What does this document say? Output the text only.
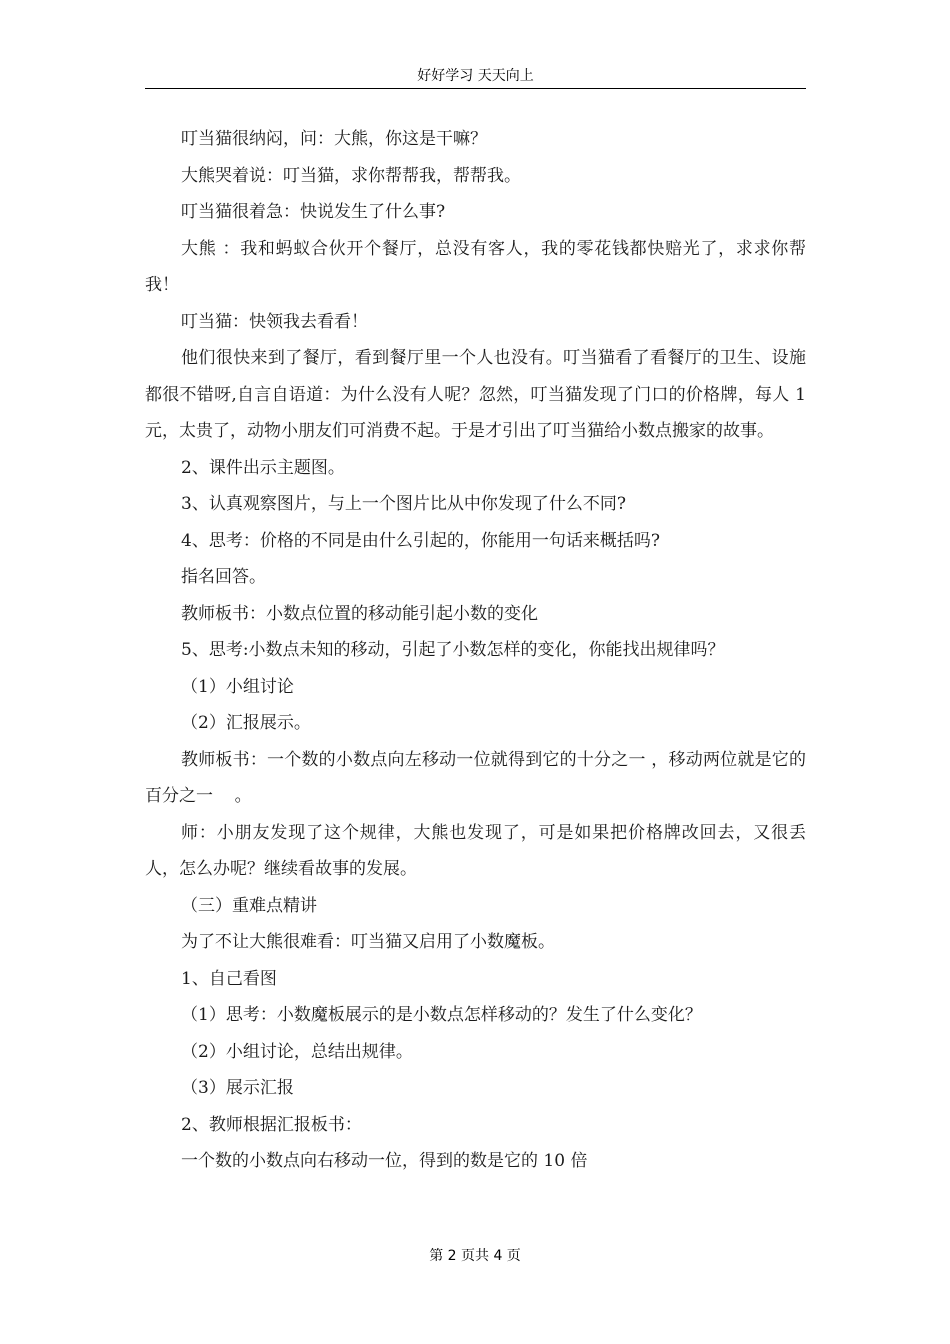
好好学习 天天向上

叮当猫很纳闷，问：大熊，你这是干嘛？

大熊哭着说：叮当猫，求你帮帮我，帮帮我。

叮当猫很着急：快说发生了什么事?

大熊 ：我和蚂蚁合伙开个餐厅，总没有客人，我的零花钱都快赔光了，求求你帮我！

叮当猫：快领我去看看！

他们很快来到了餐厅，看到餐厅里一个人也没有。叮当猫看了看餐厅的卫生、设施都很不错呀,自言自语道：为什么没有人呢？忽然，叮当猫发现了门口的价格牌，每人 1 元，太贵了，动物小朋友们可消费不起。于是才引出了叮当猫给小数点搬家的故事。

2、课件出示主题图。

3、认真观察图片，与上一个图片比从中你发现了什么不同?

4、思考：价格的不同是由什么引起的，你能用一句话来概括吗?

指名回答。

教师板书：小数点位置的移动能引起小数的变化

5、思考:小数点未知的移动，引起了小数怎样的变化，你能找出规律吗？

（1）小组讨论

（2）汇报展示。

教师板书：一个数的小数点向左移动一位就得到它的十分之一 ，移动两位就是它的百分之一    。

师：小朋友发现了这个规律，大熊也发现了，可是如果把价格牌改回去，又很丢人，怎么办呢？继续看故事的发展。

（三）重难点精讲

为了不让大熊很难看：叮当猫又启用了小数魔板。

1、自己看图

（1）思考：小数魔板展示的是小数点怎样移动的？发生了什么变化？

（2）小组讨论，总结出规律。

（3）展示汇报

2、教师根据汇报板书：

一个数的小数点向右移动一位，得到的数是它的 10 倍

第 2 页共 4 页
